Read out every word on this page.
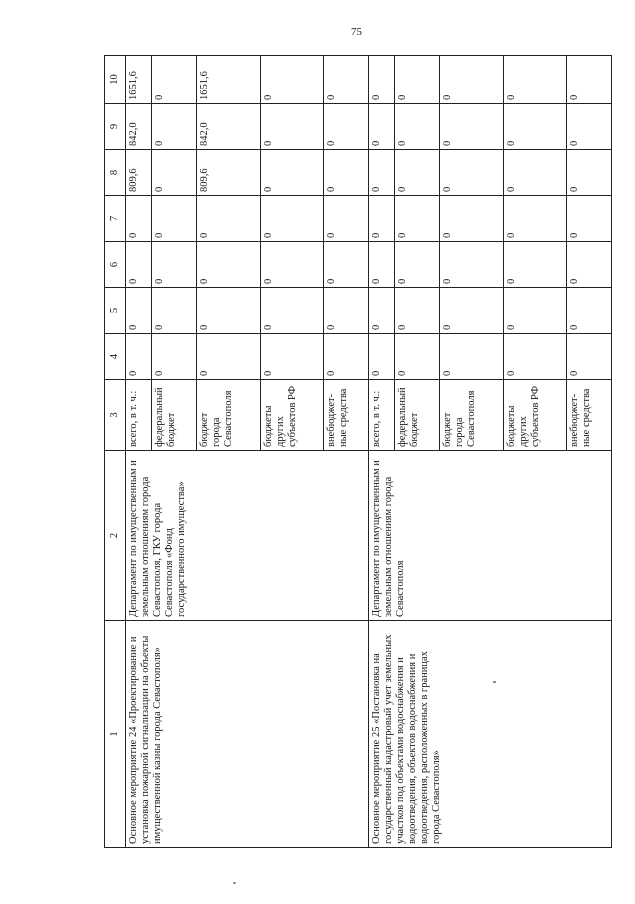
75
1	2	3	4	5	6	7	8	9	10
Основное мероприятие 24 «Проектирование и установка пожарной сигнализации на объекты имущественной казны города Севастополя»	Департамент по имущественным и земельным отношениям города Севастополя, ГКУ города Севастополя «Фонд государственного имущества»	всего, в т. ч.:	0	0	0	0	809,6	842,0	1651,6
		федеральный бюджет	0	0	0	0	0	0	0
		бюджет города Севастополя	0	0	0	0	809,6	842,0	1651,6
		бюджеты других субъектов РФ	0	0	0	0	0	0	0
		внебюджет-ные средства	0	0	0	0	0	0	0
Основное мероприятие 25 «Постановка на государственный кадастровый учет земельных участков под объектами водоснабжения и водоотведения, объектов водоснабжения и водоотведения, расположенных в границах города Севастополя»	Департамент по имущественным и земельным отношениям города Севастополя	всего, в т. ч.:	0	0	0	0	0	0	0
		федеральный бюджет	0	0	0	0	0	0	0
		бюджет города Севастополя	0	0	0	0	0	0	0
		бюджеты других субъектов РФ	0	0	0	0	0	0	0
		внебюджет-ные средства	0	0	0	0	0	0	0
